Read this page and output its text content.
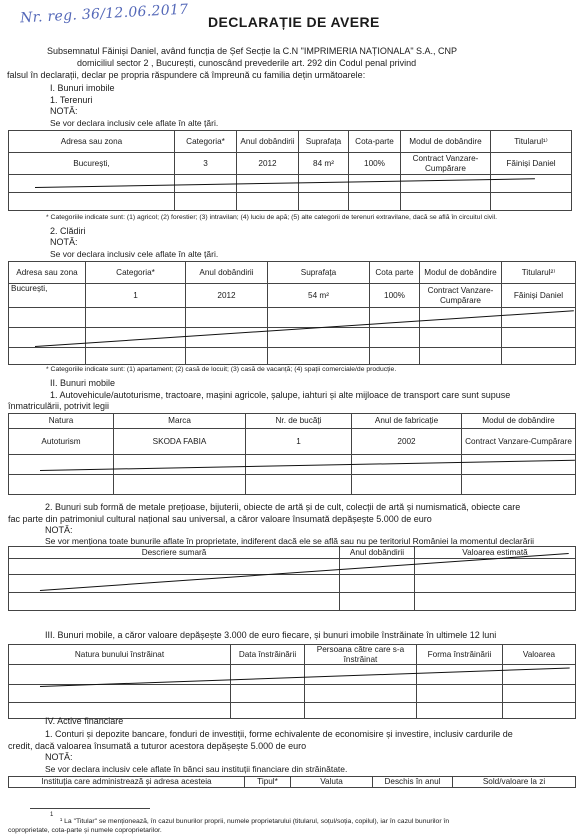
Nr. reg. 36/12.06.2017 DECLARAȚIE DE AVERE
Subsemnatul Făiniși Daniel, având funcția de Șef Secție la C.N "IMPRIMERIA NAȚIONALA" S.A., CNP
domiciliul sector 2 , București, cunoscând prevederile art. 292 din Codul penal privind
falsul în declarații, declar pe propria răspundere că împreună cu familia dețin următoarele:
I. Bunuri imobile
1. Terenuri
NOTĂ:
Se vor declara inclusiv cele aflate în alte țări.
Adresa sau zona	Categoria*	Anul dobândirii	Suprafața	Cota-parte	Modul de dobândire	Titularul¹⁾
București,	3	2012	84 m²	100%	Contract Vanzare-Cumpărare	Făiniși Daniel

* Categoriile indicate sunt: (1) agricol; (2) forestier; (3) intravilan; (4) luciu de apă; (5) alte categorii de terenuri extravilane, dacă se află în circuitul civil.
2. Clădiri
NOTĂ:
Se vor declara inclusiv cele aflate în alte țări.
Adresa sau zona	Categoria*	Anul dobândirii	Suprafața	Cota parte	Modul de dobândire	Titularul²⁾
București,	1	2012	54 m²	100%	Contract Vanzare-Cumpărare	Făiniși Daniel

* Categoriile indicate sunt: (1) apartament; (2) casă de locuit; (3) casă de vacanță; (4) spații comerciale/de producție.
II. Bunuri mobile
1. Autovehicule/autoturisme, tractoare, mașini agricole, șalupe, iahturi și alte mijloace de transport care sunt supuse
înmatriculării, potrivit legii
Natura	Marca	Nr. de bucăți	Anul de fabricație	Modul de dobândire
Autoturism	SKODA FABIA	1	2002	Contract Vanzare-Cumpărare

2. Bunuri sub formă de metale prețioase, bijuterii, obiecte de artă și de cult, colecții de artă și numismatică, obiecte care
fac parte din patrimoniul cultural național sau universal, a căror valoare însumată depășește 5.000 de euro
NOTĂ:
Se vor menționa toate bunurile aflate în proprietate, indiferent dacă ele se află sau nu pe teritoriul României la momentul declarării
Descriere sumară	Anul dobândirii	Valoarea estimată

III. Bunuri mobile, a căror valoare depășește 3.000 de euro fiecare, și bunuri imobile înstrăinate în ultimele 12 luni
Natura bunului înstrăinat	Data înstrăinării	Persoana către care s-a înstrăinat	Forma înstrăinării	Valoarea

IV. Active financiare
1. Conturi și depozite bancare, fonduri de investiții, forme echivalente de economisire și investire, inclusiv cardurile de
credit, dacă valoarea însumată a tuturor acestora depășește 5.000 de euro
NOTĂ:
Se vor declara inclusiv cele aflate în bănci sau instituții financiare din străinătate.
Instituția care administrează și adresa acesteia	Tipul*	Valuta	Deschis în anul	Sold/valoare la zi
1
¹ La "Titular" se menționează, în cazul bunurilor proprii, numele proprietarului (titularul, soțul/soția, copilul), iar în cazul bunurilor în
coproprietate, cota-parte și numele coproprietarilor.
